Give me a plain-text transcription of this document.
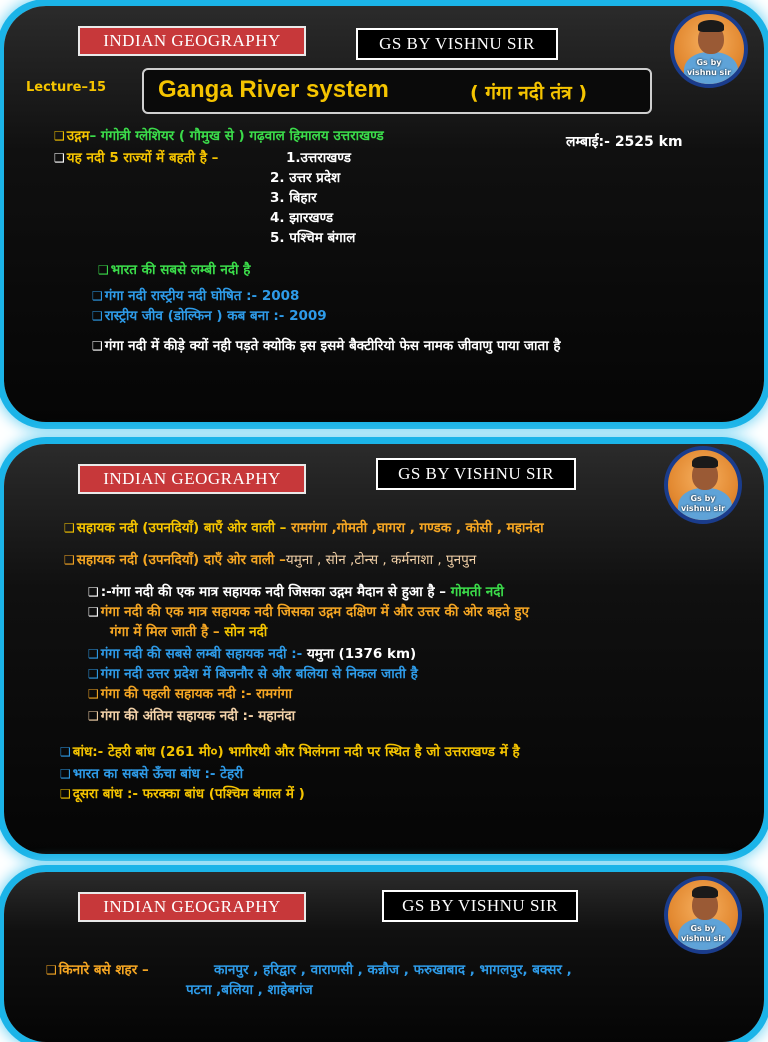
INDIAN GEOGRAPHY	GS BY VISHNU SIR
Gs by
vishnu sir
Lecture–15 Ganga River system	( गंगा नदी तंत्र )
❑ उद्गम– गंगोत्री ग्लेशियर ( गौमुख से ) गढ़वाल हिमालय उत्तराखण्ड	लम्बाई:- 2525 km
❑ यह नदी 5 राज्यों में बहती है –	1.उत्तराखण्ड
2. उत्तर प्रदेश
3. बिहार
4. झारखण्ड
5. पश्चिम बंगाल
❑ भारत की सबसे लम्बी नदी है
❑ गंगा नदी रास्ट्रीय नदी घोषित :- 2008
❑ रास्ट्रीय जीव (डोल्फिन ) कब बना :- 2009
❑ गंगा नदी में कीड़े क्यों नही पड़ते क्योकि इस इसमे बैक्टीरियो फेस नामक जीवाणु पाया जाता है
INDIAN GEOGRAPHY	GS BY VISHNU SIR
Gs by
vishnu sir
❑ सहायक नदी (उपनदियाँ) बाएँ ओर वाली – रामगंगा ,गोमती ,घागरा , गण्डक , कोसी , महानंदा
❑ सहायक नदी (उपनदियाँ) दाएँ ओर वाली –यमुना , सोन ,टोन्स , कर्मनाशा , पुनपुन
❑ :-गंगा नदी की एक मात्र सहायक नदी जिसका उद्गम मैदान से हुआ है – गोमती नदी
❑ गंगा नदी की एक मात्र सहायक नदी जिसका उद्गम दक्षिण में और उत्तर की ओर बहते हुए
गंगा में मिल जाती है – सोन नदी
❑ गंगा नदी की सबसे लम्बी सहायक नदी :- यमुना (1376 km)
❑ गंगा नदी उत्तर प्रदेश में बिजनौर से और बलिया से निकल जाती है
❑ गंगा की पहली सहायक नदी :- रामगंगा
❑ गंगा की अंतिम सहायक नदी :- महानंदा
❑ बांध:- टेहरी बांध (261 मी०) भागीरथी और भिलंगना नदी पर स्थित है जो उत्तराखण्ड में है
❑ भारत का सबसे ऊँचा बांध :- टेहरी
❑ दूसरा बांध :- फरक्का बांध (पश्चिम बंगाल में )
INDIAN GEOGRAPHY	GS BY VISHNU SIR
Gs by
vishnu sir
❑ किनारे बसे शहर –	कानपुर , हरिद्वार , वाराणसी , कन्नौज , फरुखाबाद , भागलपुर, बक्सर ,
पटना ,बलिया , शाहेबगंज
